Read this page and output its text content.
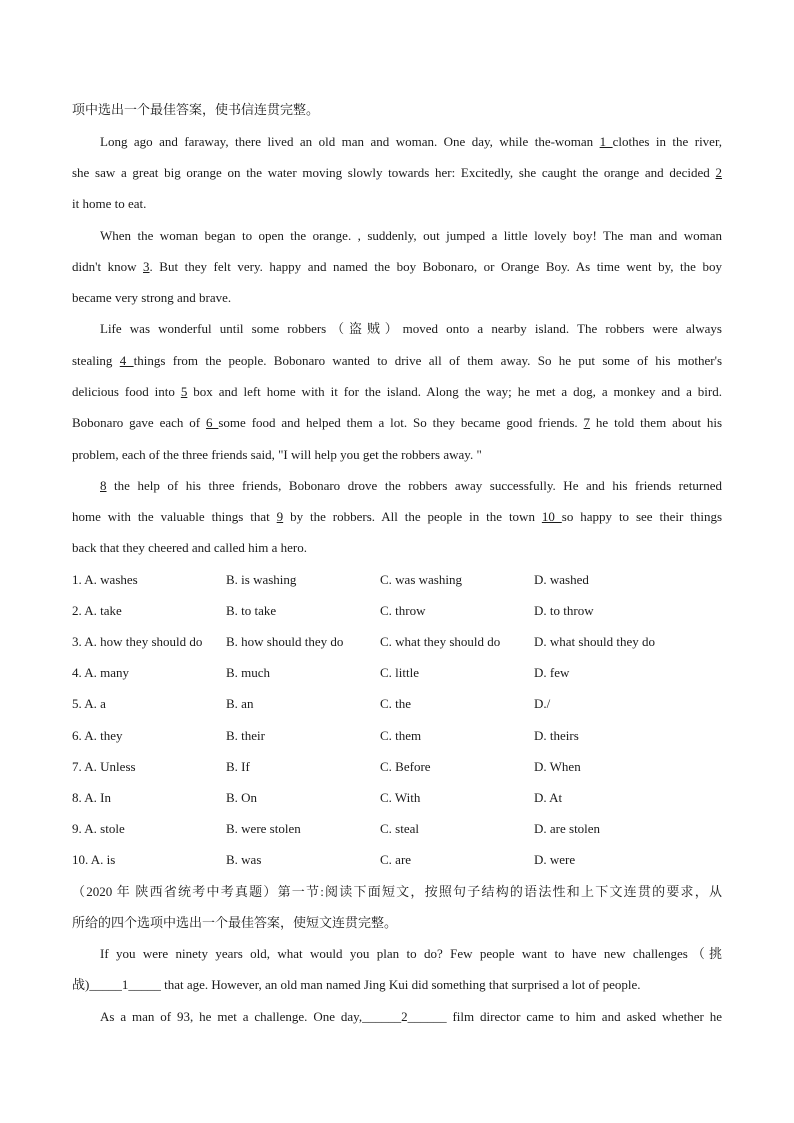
项中选出一个最佳答案，使书信连贯完整。
Long ago and faraway, there lived an old man and woman. One day, while the-woman 1 clothes in the river,
she saw a great big orange on the water moving slowly towards her: Excitedly, she caught the orange and decided 2
it home to eat.
When the woman began to open the orange. , suddenly, out jumped a little lovely boy! The man and woman
didn't know 3. But they felt very. happy and named the boy Bobonaro, or Orange Boy. As time went by, the boy
became very strong and brave.
Life was wonderful until some robbers（盗贼）moved onto a nearby island. The robbers were always
stealing 4 things from the people. Bobonaro wanted to drive all of them away. So he put some of his mother's
delicious food into 5 box and left home with it for the island. Along the way; he met a dog, a monkey and a bird.
Bobonaro gave each of 6 some food and helped them a lot. So they became good friends. 7 he told them about his
problem, each of the three friends said, "I will help you get the robbers away. "
8 the help of his three friends, Bobonaro drove the robbers away successfully. He and his friends returned
home with the valuable things that 9 by the robbers. All the people in the town 10 so happy to see their things
back that they cheered and called him a hero.
1. A. washes	B. is washing	C. was washing	D. washed
2. A. take	B. to take	C. throw	D. to throw
3. A. how they should do B. how should they do	C. what they should do	D. what should they do
4. A. many	B. much	C. little	D. few
5. A. a	B. an	C. the	D./
6. A. they	B. their	C. them	D. theirs
7. A. Unless	B. If	C. Before	D. When
8. A. In	B. On	C. With	D. At
9. A. stole	B. were stolen	C. steal	D. are stolen
10. A. is	B. was	C. are	D. were
（2020 年 陕西省统考中考真题）第一节:阅读下面短文，按照句子结构的语法性和上下文连贯的要求，从
所给的四个选项中选出一个最佳答案，使短文连贯完整。
If you were ninety years old, what would you plan to do? Few people want to have new challenges（挑
战)_____1_____ that age. However, an old man named Jing Kui did something that surprised a lot of people.
As a man of 93, he met a challenge. One day,______2______ film director came to him and asked whether he
